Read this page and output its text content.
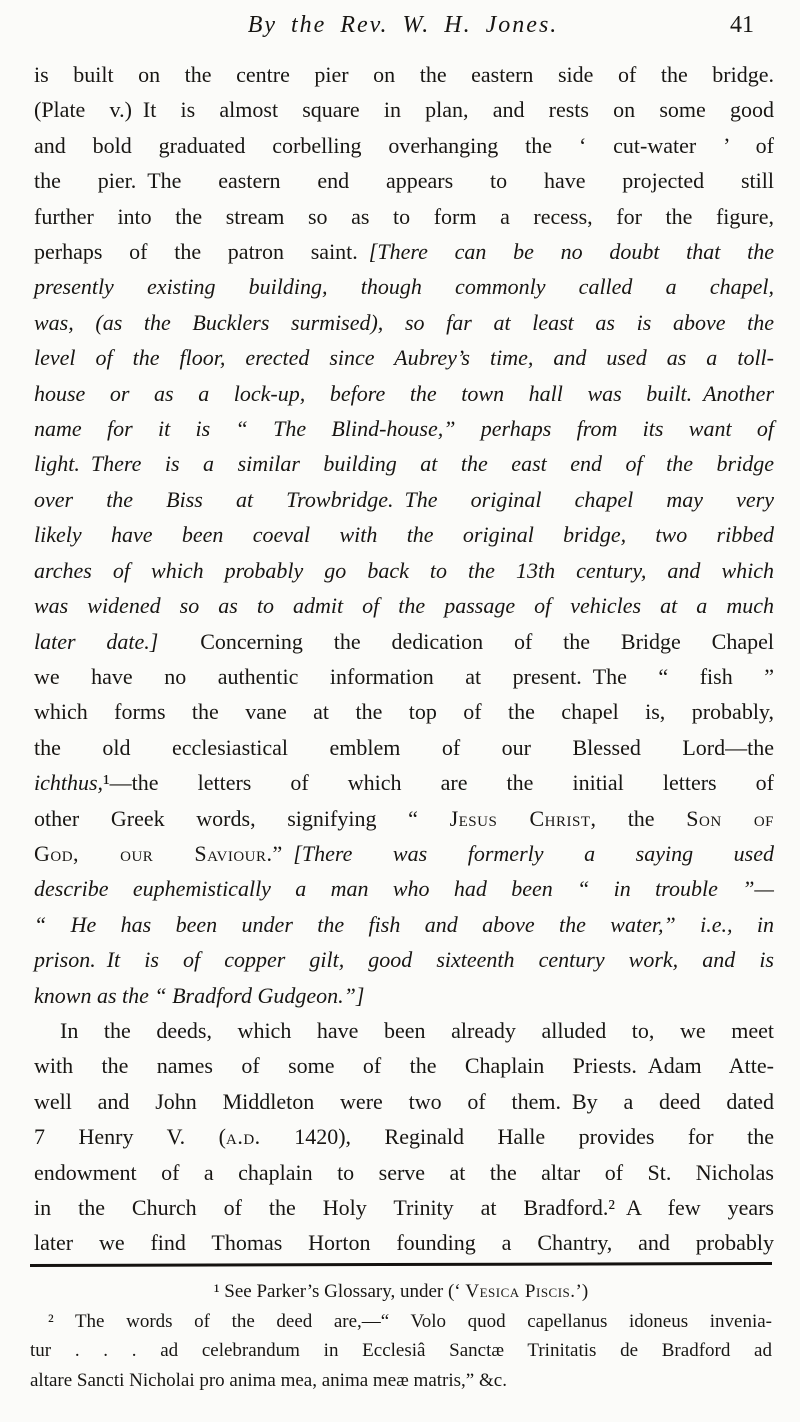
By the Rev. W. H. Jones.	41
is built on the centre pier on the eastern side of the bridge.
(Plate v.) It is almost square in plan, and rests on some good
and bold graduated corbelling overhanging the ‘ cut-water ’ of
the pier. The eastern end appears to have projected still
further into the stream so as to form a recess, for the figure,
perhaps of the patron saint. [There can be no doubt that the
presently existing building, though commonly called a chapel,
was, (as the Bucklers surmised), so far at least as is above the
level of the floor, erected since Aubrey’s time, and used as a toll-
house or as a lock-up, before the town hall was built. Another
name for it is “ The Blind-house,” perhaps from its want of
light. There is a similar building at the east end of the bridge
over the Biss at Trowbridge. The original chapel may very
likely have been coeval with the original bridge, two ribbed
arches of which probably go back to the 13th century, and which
was widened so as to admit of the passage of vehicles at a much
later date.]  Concerning the dedication of the Bridge Chapel
we have no authentic information at present. The “ fish ”
which forms the vane at the top of the chapel is, probably,
the old ecclesiastical emblem of our Blessed Lord—the
ichthus,¹—the letters of which are the initial letters of
other Greek words, signifying “ Jesus Christ, the Son of
God, our Saviour.” [There was formerly a saying used
describe euphemistically a man who had been “ in trouble ”—
“ He has been under the fish and above the water,” i.e., in
prison. It is of copper gilt, good sixteenth century work, and is
known as the “ Bradford Gudgeon.”]
In the deeds, which have been already alluded to, we meet
with the names of some of the Chaplain Priests. Adam Atte-
well and John Middleton were two of them. By a deed dated
7 Henry V. (a.d. 1420), Reginald Halle provides for the
endowment of a chaplain to serve at the altar of St. Nicholas
in the Church of the Holy Trinity at Bradford.² A few years
later we find Thomas Horton founding a Chantry, and probably
¹ See Parker’s Glossary, under (‘ Vesica Piscis.’)
² The words of the deed are,—“ Volo quod capellanus idoneus invenia-
tur . . . ad celebrandum in Ecclesiâ Sanctæ Trinitatis de Bradford ad
altare Sancti Nicholai pro anima mea, anima meæ matris,” &c.
